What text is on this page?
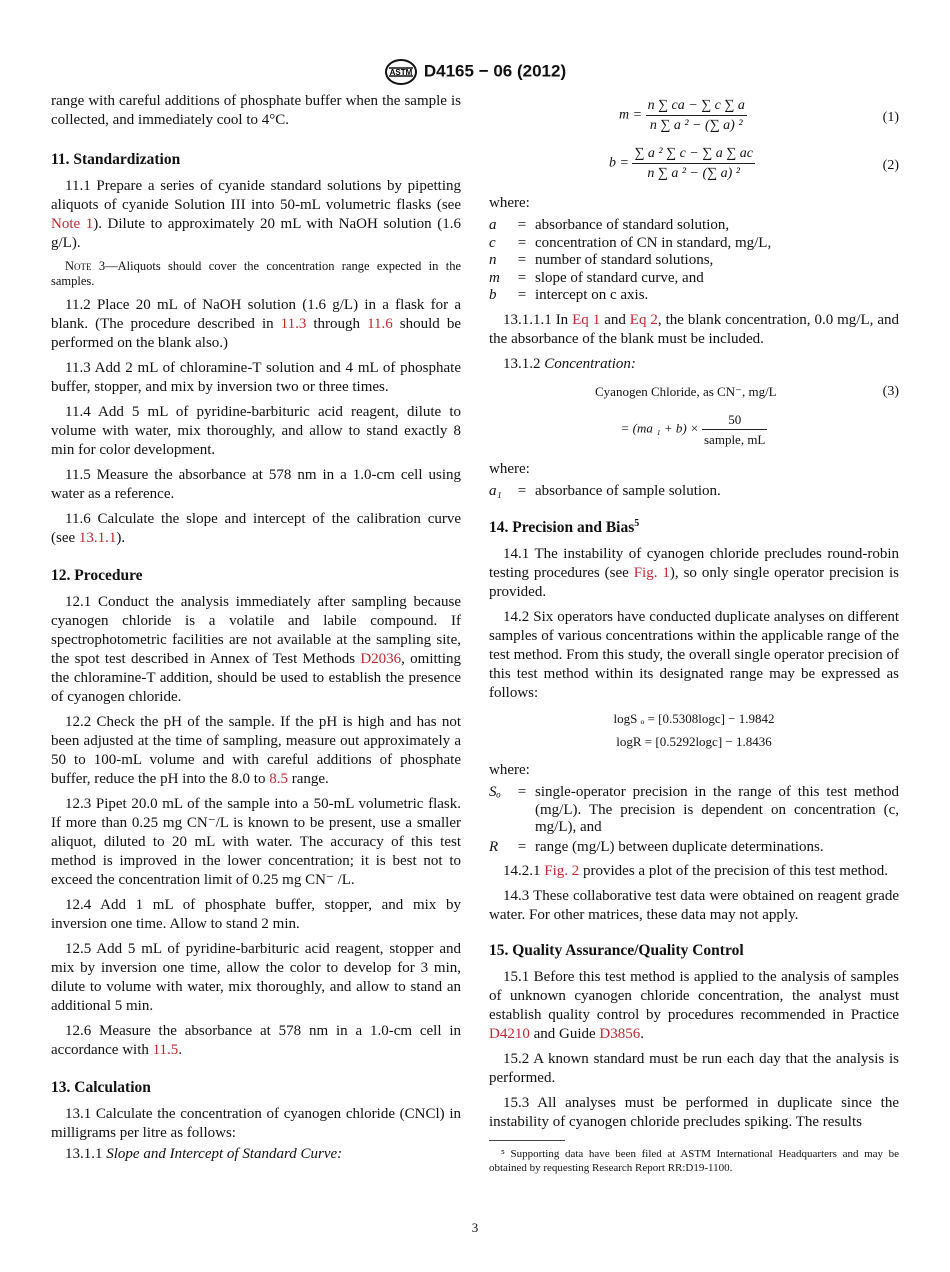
ASTM D4165 − 06 (2012)

range with careful additions of phosphate buffer when the sample is collected, and immediately cool to 4°C.

11. Standardization

11.1 Prepare a series of cyanide standard solutions by pipetting aliquots of cyanide Solution III into 50-mL volumetric flasks (see Note 1). Dilute to approximately 20 mL with NaOH solution (1.6 g/L).

Note 3—Aliquots should cover the concentration range expected in the samples.

11.2 Place 20 mL of NaOH solution (1.6 g/L) in a flask for a blank. (The procedure described in 11.3 through 11.6 should be performed on the blank also.)

11.3 Add 2 mL of chloramine-T solution and 4 mL of phosphate buffer, stopper, and mix by inversion two or three times.

11.4 Add 5 mL of pyridine-barbituric acid reagent, dilute to volume with water, mix thoroughly, and allow to stand exactly 8 min for color development.

11.5 Measure the absorbance at 578 nm in a 1.0-cm cell using water as a reference.

11.6 Calculate the slope and intercept of the calibration curve (see 13.1.1).

12. Procedure

12.1 Conduct the analysis immediately after sampling because cyanogen chloride is a volatile and labile compound. If spectrophotometric facilities are not available at the sampling site, the spot test described in Annex of Test Methods D2036, omitting the chloramine-T addition, should be used to establish the presence of cyanogen chloride.

12.2 Check the pH of the sample. If the pH is high and has not been adjusted at the time of sampling, measure out approximately a 50 to 100-mL volume and with careful additions of phosphate buffer, reduce the pH into the 8.0 to 8.5 range.

12.3 Pipet 20.0 mL of the sample into a 50-mL volumetric flask. If more than 0.25 mg CN⁻/L is known to be present, use a smaller aliquot, diluted to 20 mL with water. The accuracy of this test method is improved in the lower concentration; it is best not to exceed the concentration limit of 0.25 mg CN⁻ /L.

12.4 Add 1 mL of phosphate buffer, stopper, and mix by inversion one time. Allow to stand 2 min.

12.5 Add 5 mL of pyridine-barbituric acid reagent, stopper and mix by inversion one time, allow the color to develop for 3 min, dilute to volume with water, mix thoroughly, and allow to stand an additional 5 min.

12.6 Measure the absorbance at 578 nm in a 1.0-cm cell in accordance with 11.5.

13. Calculation

13.1 Calculate the concentration of cyanogen chloride (CNCl) in milligrams per litre as follows:

13.1.1 Slope and Intercept of Standard Curve:

$m = \frac{n \sum ca - \sum c \sum a}{\text{n ∑ a ² − (∑ a) ²}}$	(1)
$b = \frac{\text{∑ a ² ∑ c − ∑ a ∑ ac}}{\text{n ∑ a ² − (∑ a) ²}}$	(2)

where:

a	= absorbance of standard solution,
c	= concentration of CN in standard, mg/L,
n	= number of standard solutions,
m	= slope of standard curve, and
b	= intercept on c axis.

13.1.1.1 In Eq 1 and Eq 2, the blank concentration, 0.0 mg/L, and the absorbance of the blank must be included.

13.1.2 Concentration:

Cyanogen Chloride, as CN⁻, mg/L	(3)
= (ma $_1 + b) \times \frac{50}{\text{sample, mL}}$

where:

a₁	= absorbance of sample solution.
14. Precision and Bias$^5$

14.1 The instability of cyanogen chloride precludes round-robin testing procedures (see Fig. 1), so only single operator precision is provided.

14.2 Six operators have conducted duplicate analyses on different samples of various concentrations within the applicable range of the test method. From this study, the overall single operator precision of this test method within its designated range may be expressed as follows:

logS ₒ = [0.5308logc] − 1.9842

logR = [0.5292logc] − 1.8436

where:

Sₒ	= single-operator precision in the range of this test method (mg/L). The precision is dependent on concentration (c, mg/L), and
R	= range (mg/L) between duplicate determinations.

14.2.1 Fig. 2 provides a plot of the precision of this test method.

14.3 These collaborative test data were obtained on reagent grade water. For other matrices, these data may not apply.

15. Quality Assurance/Quality Control

15.1 Before this test method is applied to the analysis of samples of unknown cyanogen chloride concentration, the analyst must establish quality control by procedures recommended in Practice D4210 and Guide D3856.

15.2 A known standard must be run each day that the analysis is performed.

15.3 All analyses must be performed in duplicate since the instability of cyanogen chloride precludes spiking. The results

⁵ Supporting data have been filed at ASTM International Headquarters and may be obtained by requesting Research Report RR:D19-1100.

3
